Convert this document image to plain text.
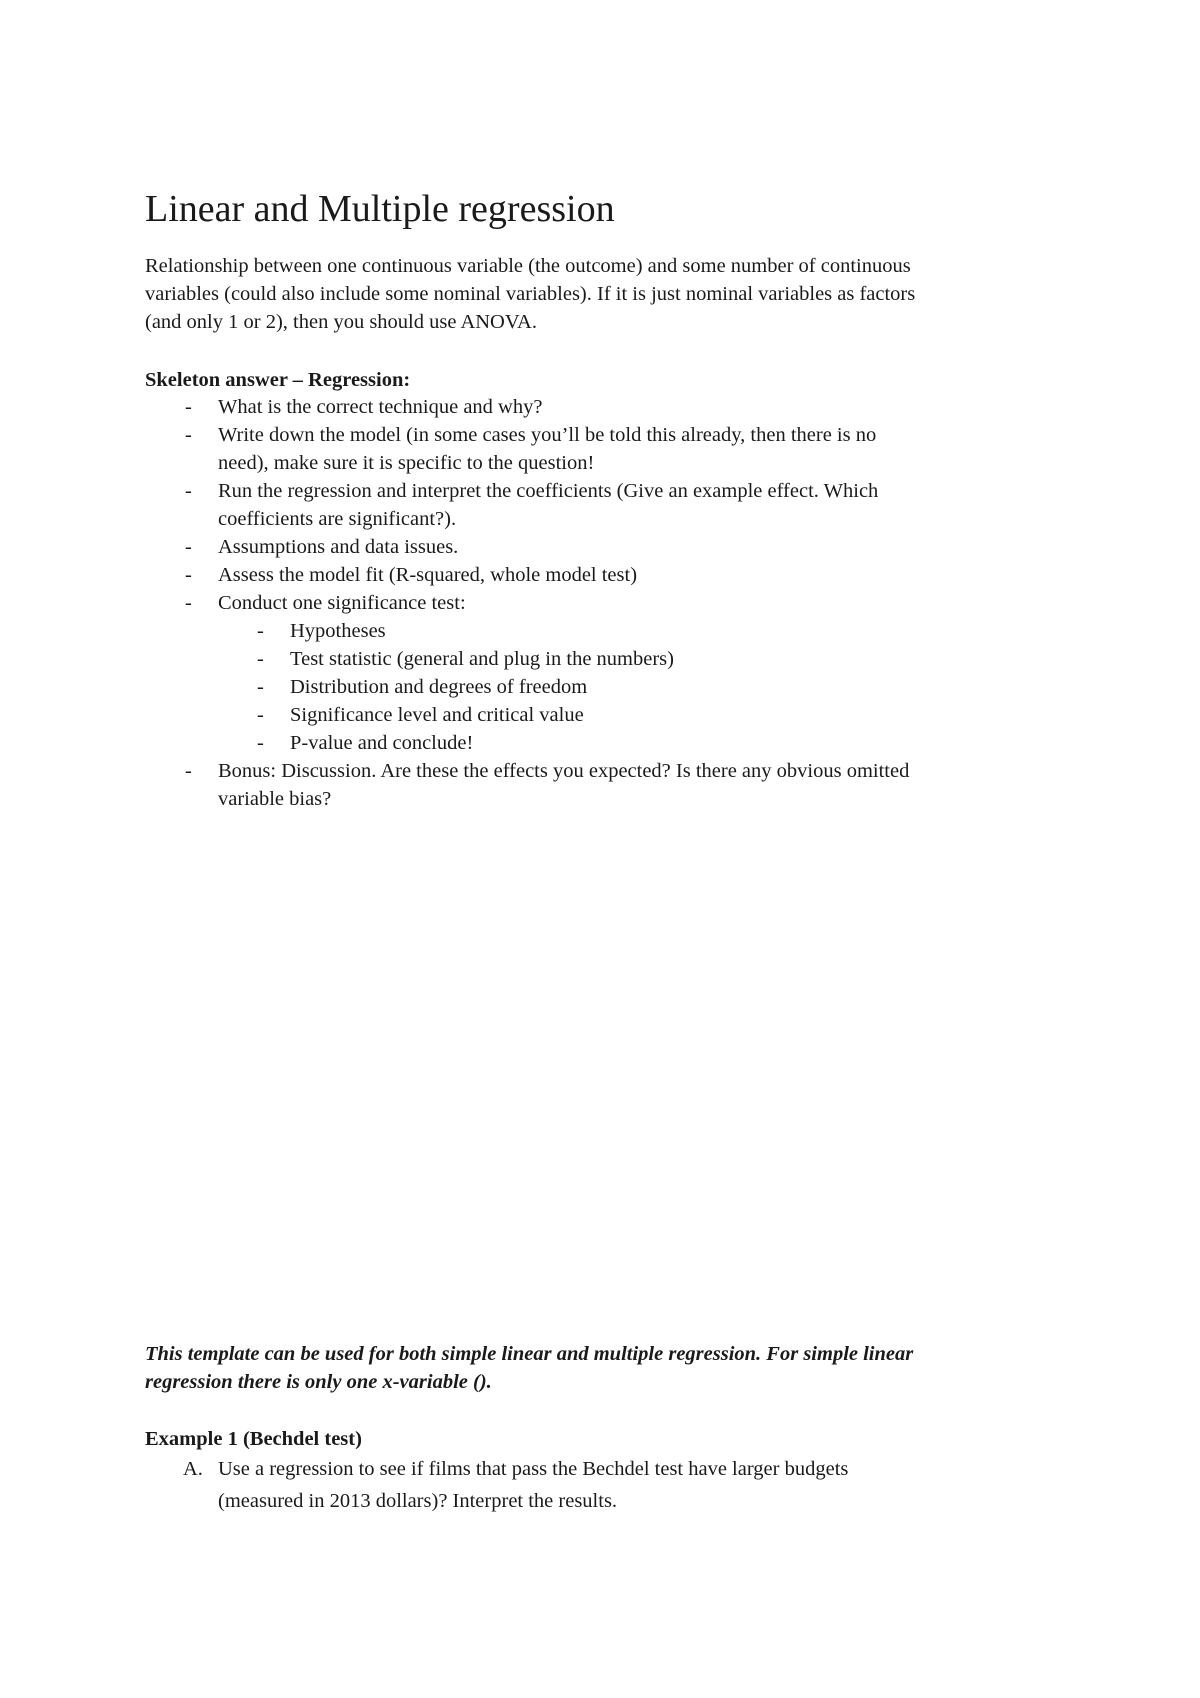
Linear and Multiple regression
Relationship between one continuous variable (the outcome) and some number of continuous
variables (could also include some nominal variables). If it is just nominal variables as factors
(and only 1 or 2), then you should use ANOVA.
Skeleton answer – Regression:
- What is the correct technique and why?
- Write down the model (in some cases you’ll be told this already, then there is no
need), make sure it is specific to the question!
- Run the regression and interpret the coefficients (Give an example effect. Which
coefficients are significant?).
- Assumptions and data issues.
- Assess the model fit (R-squared, whole model test)
- Conduct one significance test:
- Hypotheses
- Test statistic (general and plug in the numbers)
- Distribution and degrees of freedom
- Significance level and critical value
- P-value and conclude!
- Bonus: Discussion. Are these the effects you expected? Is there any obvious omitted
variable bias?
This template can be used for both simple linear and multiple regression. For simple linear
regression there is only one x-variable ().
Example 1 (Bechdel test)
A. Use a regression to see if films that pass the Bechdel test have larger budgets
(measured in 2013 dollars)? Interpret the results.
